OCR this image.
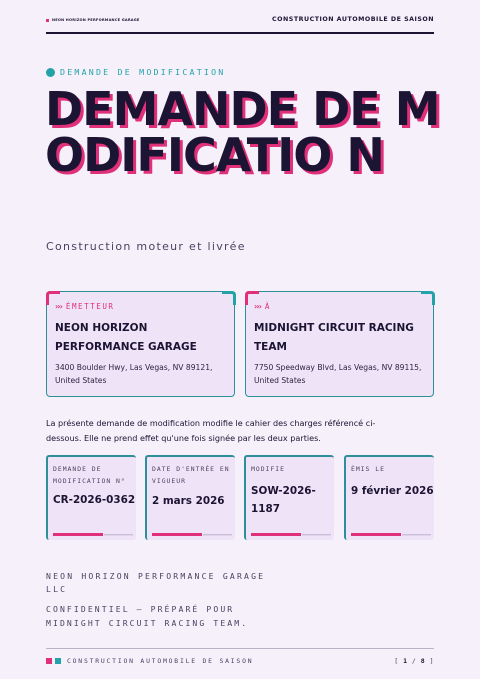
NEON HORIZON PERFORMANCE GARAGE	CONSTRUCTION AUTOMOBILE DE SAISON
DEMANDE DE MODIFICATION
DEMANDE DE MODIFICATIO N
Construction moteur et livrée
››› ÉMETTEUR
NEON HORIZON PERFORMANCE GARAGE
3400 Boulder Hwy, Las Vegas, NV 89121, United States
››› À
MIDNIGHT CIRCUIT RACING TEAM
7750 Speedway Blvd, Las Vegas, NV 89115, United States

La présente demande de modification modifie le cahier des charges référencé ci-dessous. Elle ne prend effet qu'une fois signée par les deux parties.

DEMANDE DE MODIFICATION N°
CR-2026-0362
DATE D'ENTRÉE EN VIGUEUR
2 mars 2026
MODIFIE
SOW-2026-1187
ÉMIS LE
9 février 2026
NEON HORIZON PERFORMANCE GARAGE LLC
CONFIDENTIEL — PRÉPARÉ POUR MIDNIGHT CIRCUIT RACING TEAM.
CONSTRUCTION AUTOMOBILE DE SAISON	[ 1 / 8 ]
